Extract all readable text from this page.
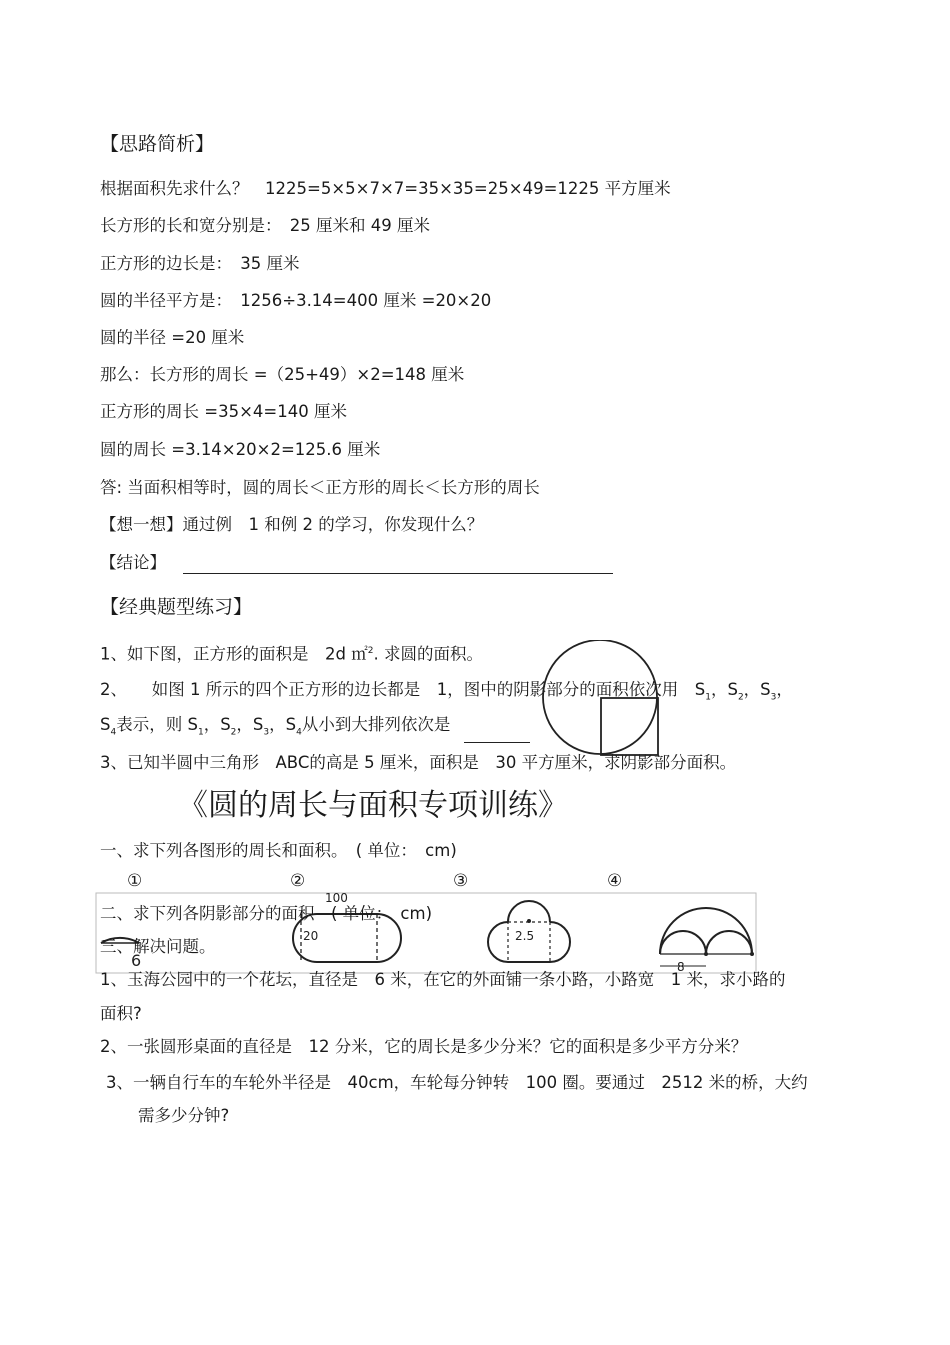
【思路简析】
根据面积先求什么？　1225=5×5×7×7=35×35=25×49=1225 平方厘米
长方形的长和宽分别是：　25 厘米和 49 厘米
正方形的边长是：　35 厘米
圆的半径平方是：　1256÷3.14=400 厘米 =20×20
圆的半径 =20 厘米
那么：长方形的周长 =（25+49）×2=148 厘米
正方形的周长 =35×4=140 厘米
圆的周长 =3.14×20×2=125.6 厘米
答: 当面积相等时，圆的周长＜正方形的周长＜长方形的周长
【想一想】通过例　1 和例 2 的学习，你发现什么？
【结论】
【经典题型练习】
1、如下图，正方形的面积是　2d ㎡$^2$. 求圆的面积。
2、　　如图 1 所示的四个正方形的边长都是　1，图中的阴影部分的面积依次用　$S_1$，$S_2$，$S_3$，
$S_4$表示，则 $S_1$，$S_2$，$S_3$，$S_4$从小到大排列依次是
3、已知半圆中三角形　ABC的高是 5 厘米，面积是　30 平方厘米，求阴影部分面积。
《圆的周长与面积专项训练》
一、求下列各图形的周长和面积。　( 单位：　cm)
①	②	③	④
6
100
20	2.5
8
二、求下列各阴影部分的面积　( 单位：　cm)
三、解决问题。
1、玉海公园中的一个花坛，直径是　6 米，在它的外面铺一条小路，小路宽　1 米，求小路的
面积?
2、一张圆形桌面的直径是　12 分米，它的周长是多少分米？它的面积是多少平方分米？
3、一辆自行车的车轮外半径是　40cm，车轮每分钟转　100 圈。要通过　2512 米的桥，大约
需多少分钟?
